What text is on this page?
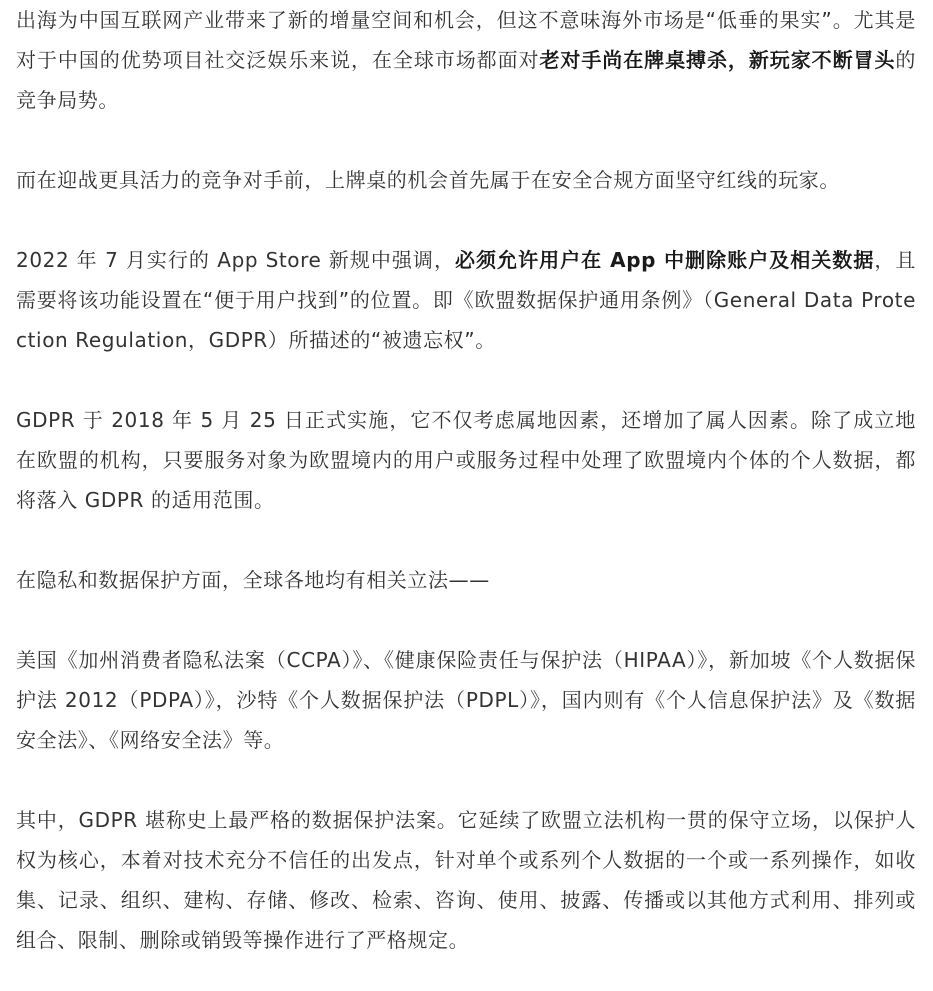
出海为中国互联网产业带来了新的增量空间和机会，但这不意味海外市场是“低垂的果实”。尤其是对于中国的优势项目社交泛娱乐来说，在全球市场都面对老对手尚在牌桌搏杀，新玩家不断冒头的竞争局势。

而在迎战更具活力的竞争对手前，上牌桌的机会首先属于在安全合规方面坚守红线的玩家。

2022 年 7 月实行的 App Store 新规中强调，必须允许用户在 App 中删除账户及相关数据，且需要将该功能设置在“便于用户找到”的位置。即《欧盟数据保护通用条例》（General Data Protection Regulation，GDPR）所描述的“被遗忘权”。

GDPR 于 2018 年 5 月 25 日正式实施，它不仅考虑属地因素，还增加了属人因素。除了成立地在欧盟的机构，只要服务对象为欧盟境内的用户或服务过程中处理了欧盟境内个体的个人数据，都将落入 GDPR 的适用范围。

在隐私和数据保护方面，全球各地均有相关立法——

美国《加州消费者隐私法案（CCPA）》、《健康保险责任与保护法（HIPAA）》，新加坡《个人数据保护法 2012（PDPA）》，沙特《个人数据保护法（PDPL）》，国内则有《个人信息保护法》及《数据安全法》、《网络安全法》等。

其中，GDPR 堪称史上最严格的数据保护法案。它延续了欧盟立法机构一贯的保守立场，以保护人权为核心，本着对技术充分不信任的出发点，针对单个或系列个人数据的一个或一系列操作，如收集、记录、组织、建构、存储、修改、检索、咨询、使用、披露、传播或以其他方式利用、排列或组合、限制、删除或销毁等操作进行了严格规定。
